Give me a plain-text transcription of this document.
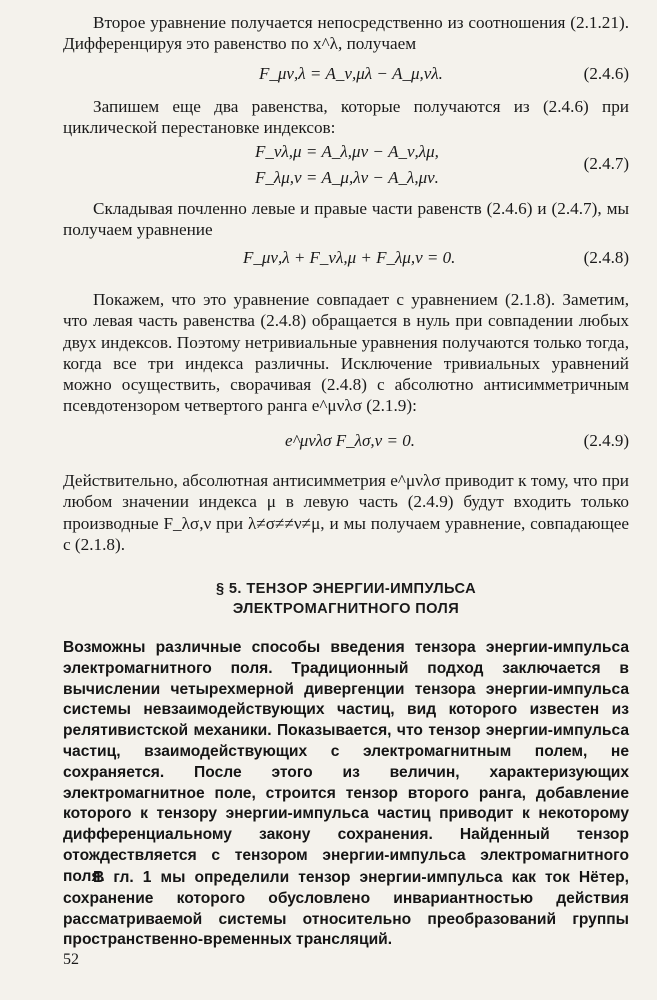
Второе уравнение получается непосредственно из соотношения (2.1.21). Дифференцируя это равенство по x^λ, получаем

F_μν,λ = A_ν,μλ − A_μ,νλ.	(2.4.6)

Запишем еще два равенства, которые получаются из (2.4.6) при циклической перестановке индексов:

F_νλ,μ = A_λ,μν − A_ν,λμ,
F_λμ,ν = A_μ,λν − A_λ,μν.
(2.4.7)

Складывая почленно левые и правые части равенств (2.4.6) и (2.4.7), мы получаем уравнение

F_μν,λ + F_νλ,μ + F_λμ,ν = 0.	(2.4.8)

Покажем, что это уравнение совпадает с уравнением (2.1.8). Заметим, что левая часть равенства (2.4.8) обращается в нуль при совпадении любых двух индексов. Поэтому нетривиальные уравнения получаются только тогда, когда все три индекса различны. Исключение тривиальных уравнений можно осуществить, сворачивая (2.4.8) с абсолютно антисимметричным псевдотензором четвертого ранга e^μνλσ (2.1.9):

e^μνλσ F_λσ,ν = 0.	(2.4.9)

Действительно, абсолютная антисимметрия e^μνλσ приводит к тому, что при любом значении индекса μ в левую часть (2.4.9) будут входить только производные F_λσ,ν при λ≠σ≠≠ν≠μ, и мы получаем уравнение, совпадающее с (2.1.8).

§ 5. ТЕНЗОР ЭНЕРГИИ-ИМПУЛЬСА

ЭЛЕКТРОМАГНИТНОГО ПОЛЯ

Возможны различные способы введения тензора энергии-импульса электромагнитного поля. Традиционный подход заключается в вычислении четырехмерной дивергенции тензора энергии-импульса системы невзаимодействующих частиц, вид которого известен из релятивистской механики. Показывается, что тензор энергии-импульса частиц, взаимодействующих с электромагнитным полем, не сохраняется. После этого из величин, характеризующих электромагнитное поле, строится тензор второго ранга, добавление которого к тензору энергии-импульса частиц приводит к некоторому дифференциальному закону сохранения. Найденный тензор отождествляется с тензором энергии-импульса электромагнитного поля.

В гл. 1 мы определили тензор энергии-импульса как ток Нётер, сохранение которого обусловлено инвариантностью действия рассматриваемой системы относительно преобразований группы пространственно-временных трансляций.

52
